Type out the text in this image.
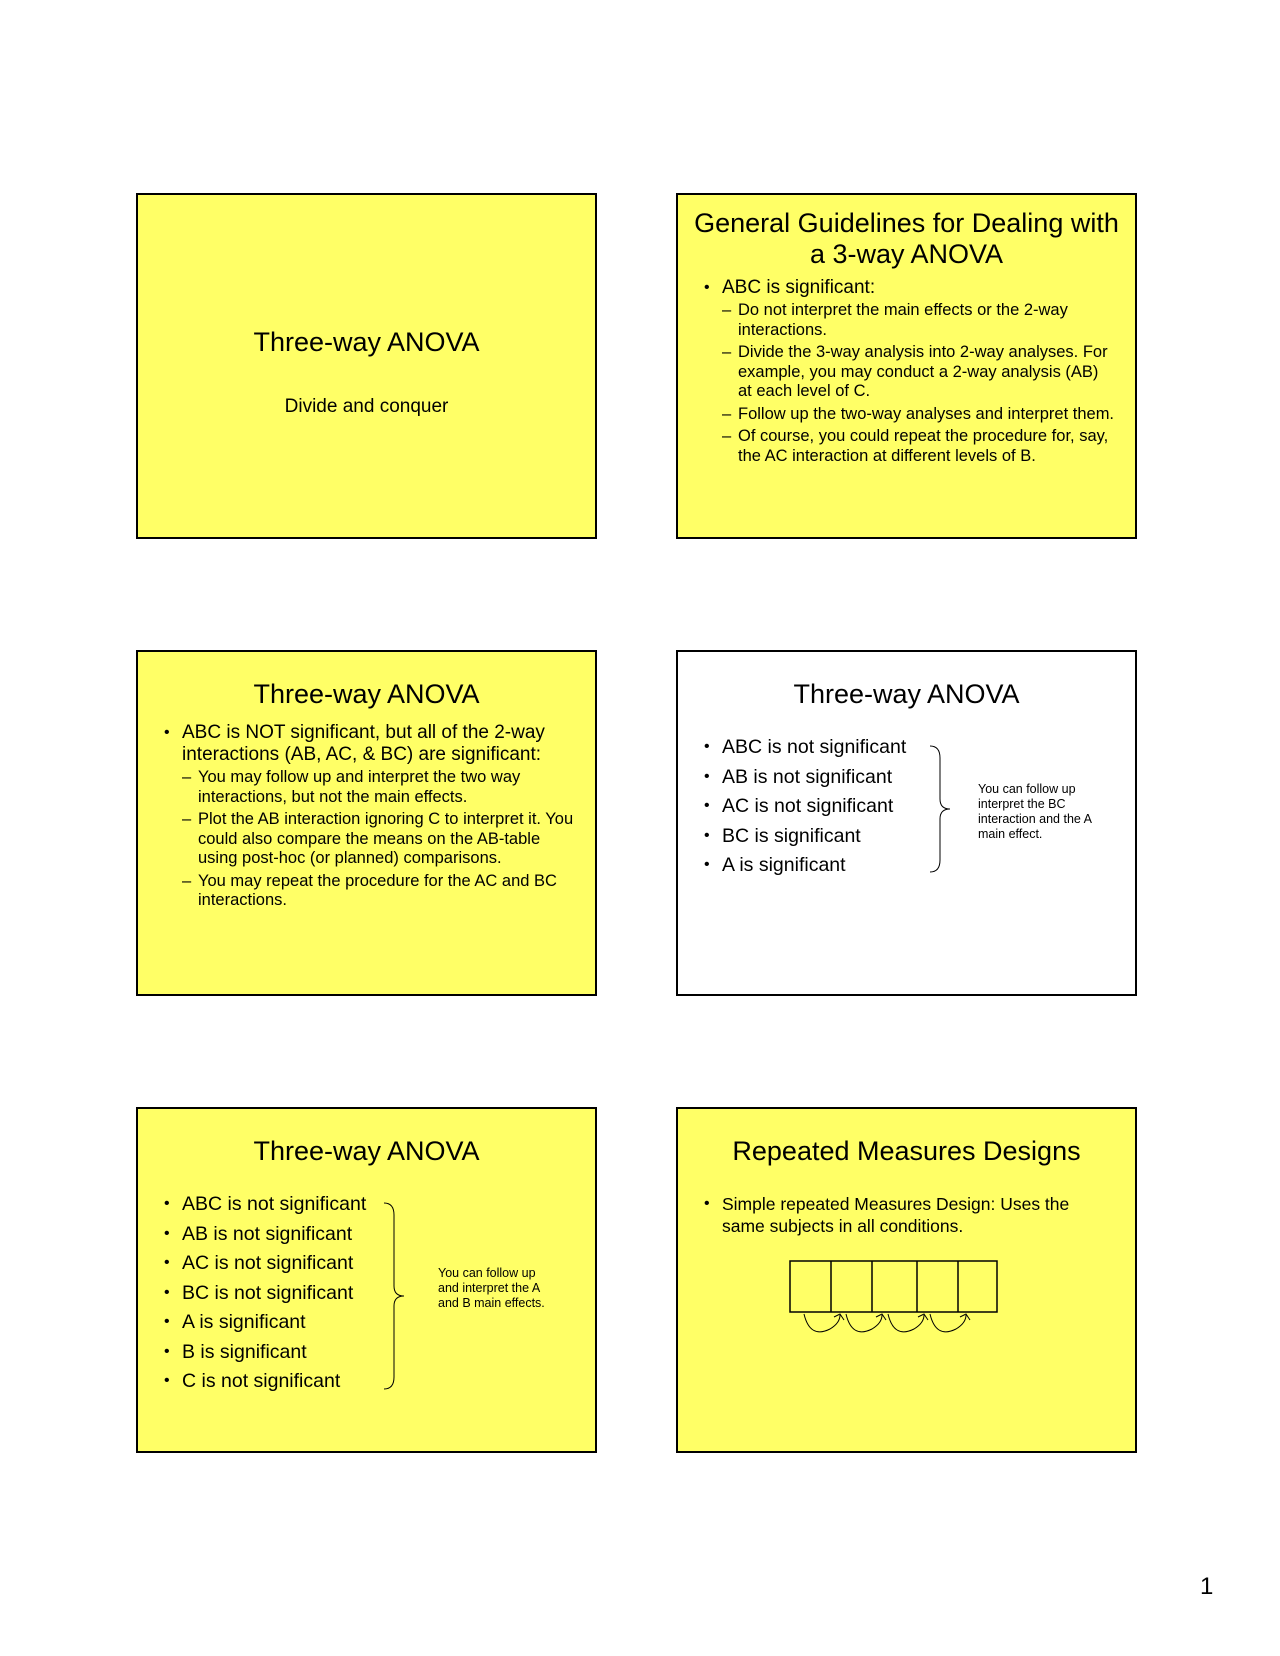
Three-way ANOVA
Divide and conquer
General Guidelines for Dealing with
a 3-way ANOVA
• ABC is significant:
– Do not interpret the main effects or the 2-way interactions.
– Divide the 3-way analysis into 2-way analyses. For example, you may conduct a 2-way analysis (AB) at each level of C.
– Follow up the two-way analyses and interpret them.
– Of course, you could repeat the procedure for, say, the AC interaction at different levels of B.
Three-way ANOVA
• ABC is NOT significant, but all of the 2-way interactions (AB, AC, & BC) are significant:
– You may follow up and interpret the two way interactions, but not the main effects.
– Plot the AB interaction ignoring C to interpret it. You could also compare the means on the AB-table using post-hoc (or planned) comparisons.
– You may repeat the procedure for the AC and BC interactions.
Three-way ANOVA
• ABC is not significant
• AB is not significant
• AC is not significant
• BC is significant
• A is significant
You can follow up interpret the BC interaction and the A main effect.
Three-way ANOVA
• ABC is not significant
• AB is not significant
• AC is not significant
• BC is not significant
• A is significant
• B is significant
• C is not significant
You can follow up and interpret the A and B main effects.
Repeated Measures Designs
• Simple repeated Measures Design: Uses the same subjects in all conditions.
1
